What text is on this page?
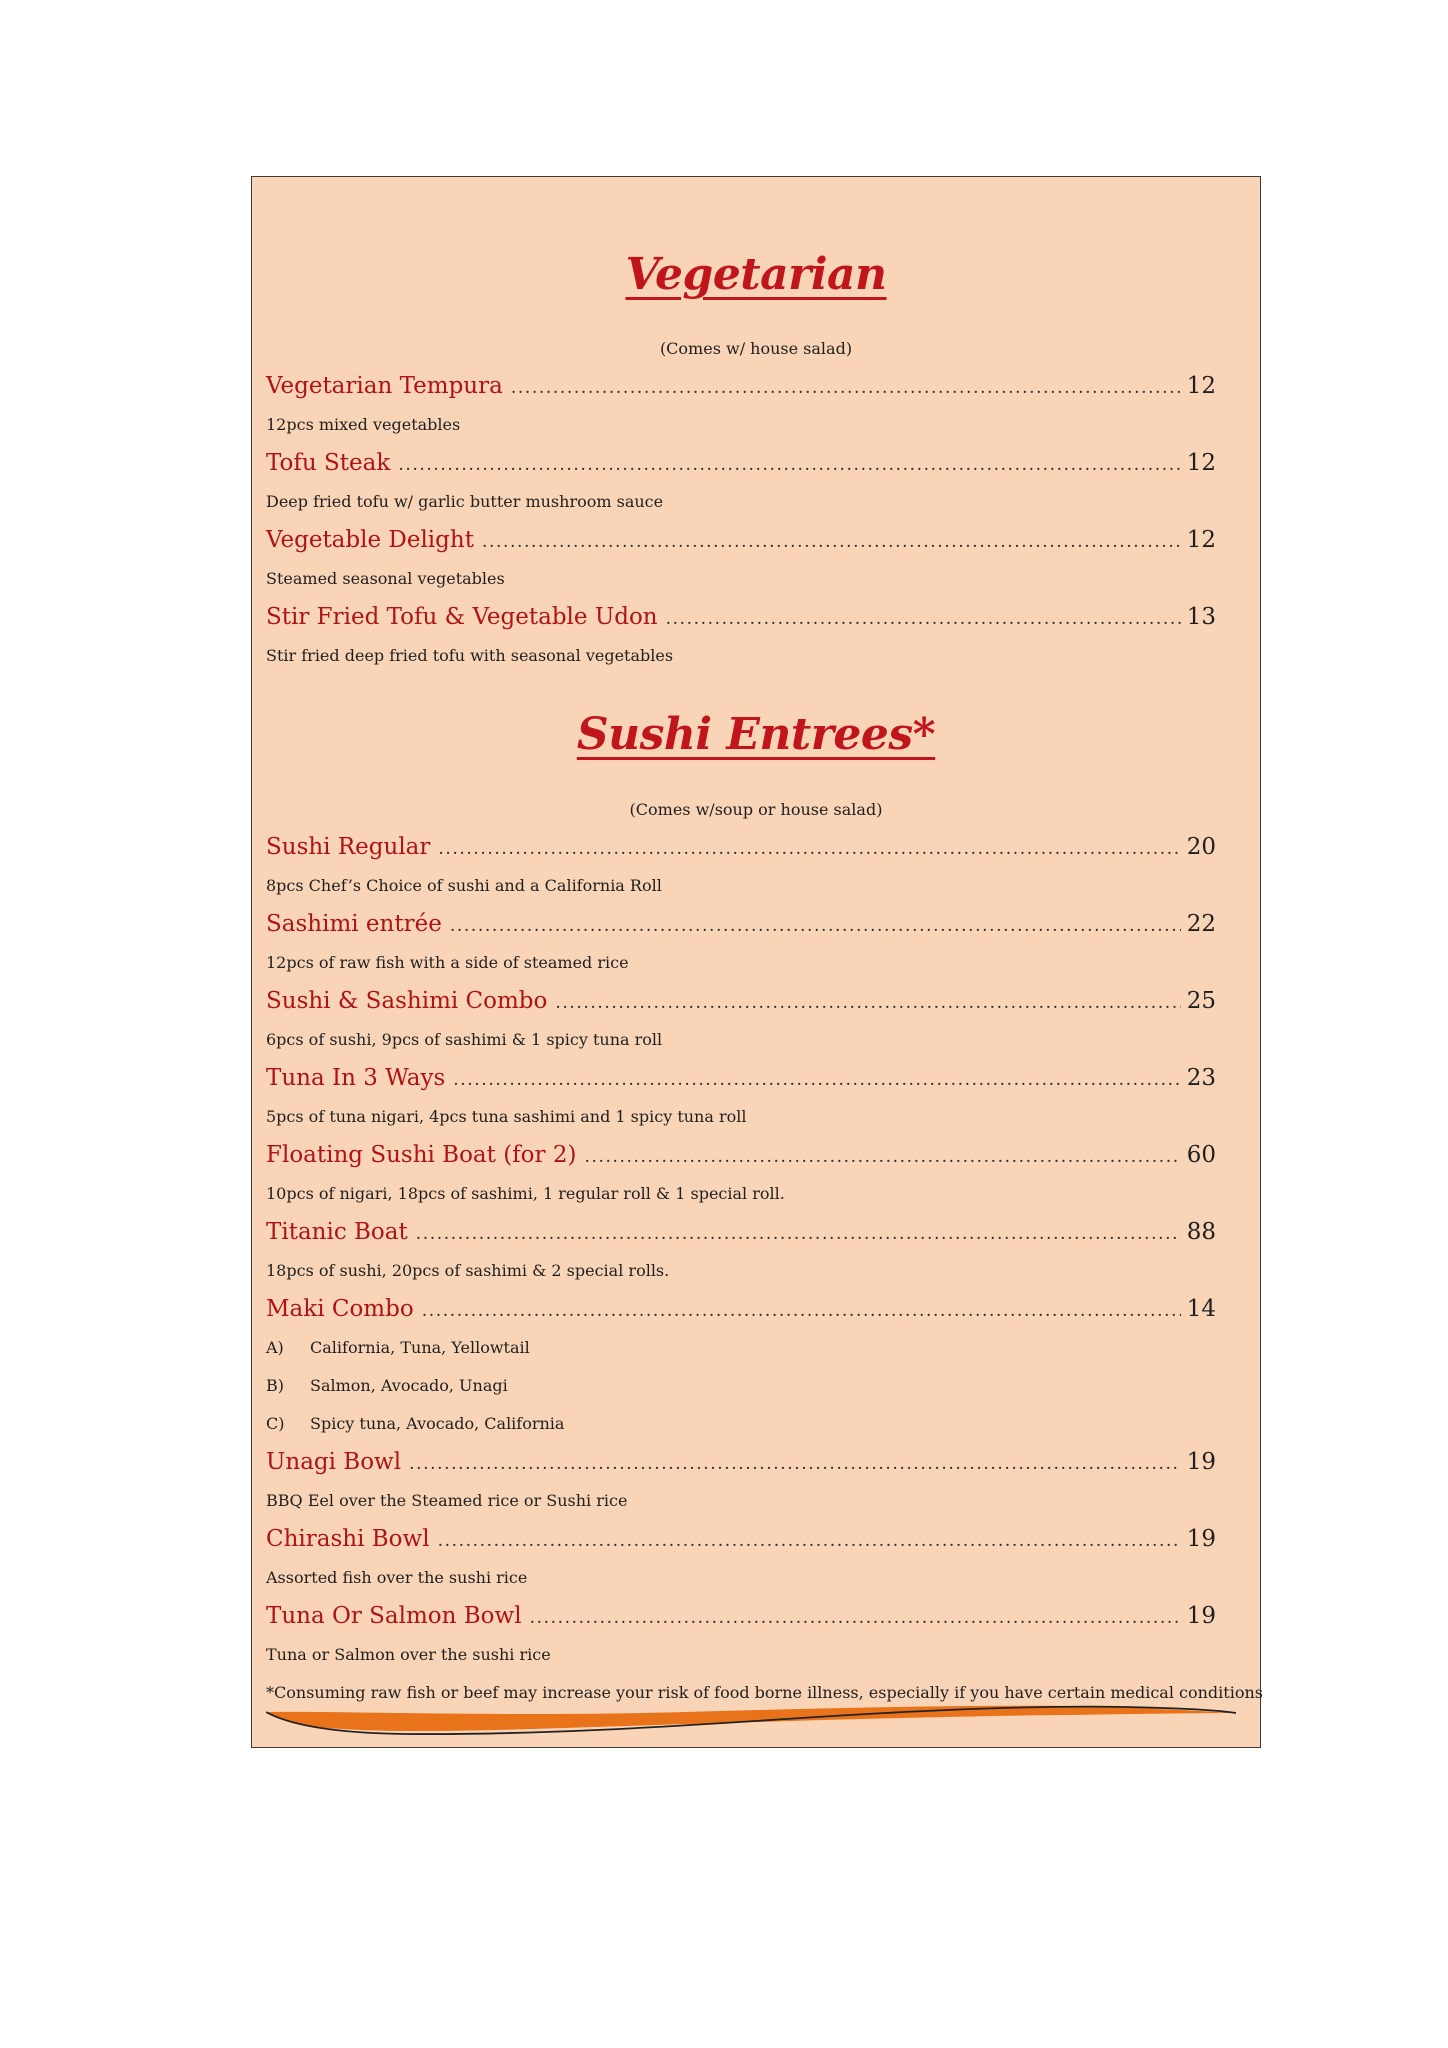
Vegetarian
(Comes w/ house salad)
Vegetarian Tempura .....	12
12pcs mixed vegetables
Tofu Steak .....	12
Deep fried tofu w/ garlic butter mushroom sauce
Vegetable Delight .....	12
Steamed seasonal vegetables
Stir Fried Tofu & Vegetable Udon .....	13
Stir fried deep fried tofu with seasonal vegetables
Sushi Entrees*
(Comes w/soup or house salad)
Sushi Regular .....	20
8pcs Chef’s Choice of sushi and a California Roll
Sashimi entrée .....	22
12pcs of raw fish with a side of steamed rice
Sushi & Sashimi Combo .....	25
6pcs of sushi, 9pcs of sashimi & 1 spicy tuna roll
Tuna In 3 Ways .....	23
5pcs of tuna nigari, 4pcs tuna sashimi and 1 spicy tuna roll
Floating Sushi Boat (for 2) .....	60
10pcs of nigari, 18pcs of sashimi, 1 regular roll & 1 special roll.
Titanic Boat .....	88
18pcs of sushi, 20pcs of sashimi & 2 special rolls.
Maki Combo .....	14
A) California, Tuna, Yellowtail
B) Salmon, Avocado, Unagi
C) Spicy tuna, Avocado, California
Unagi Bowl .....	19
BBQ Eel over the Steamed rice or Sushi rice
Chirashi Bowl .....	19
Assorted fish over the sushi rice
Tuna Or Salmon Bowl .....	19
Tuna or Salmon over the sushi rice
*Consuming raw fish or beef may increase your risk of food borne illness, especially if you have certain medical conditions
